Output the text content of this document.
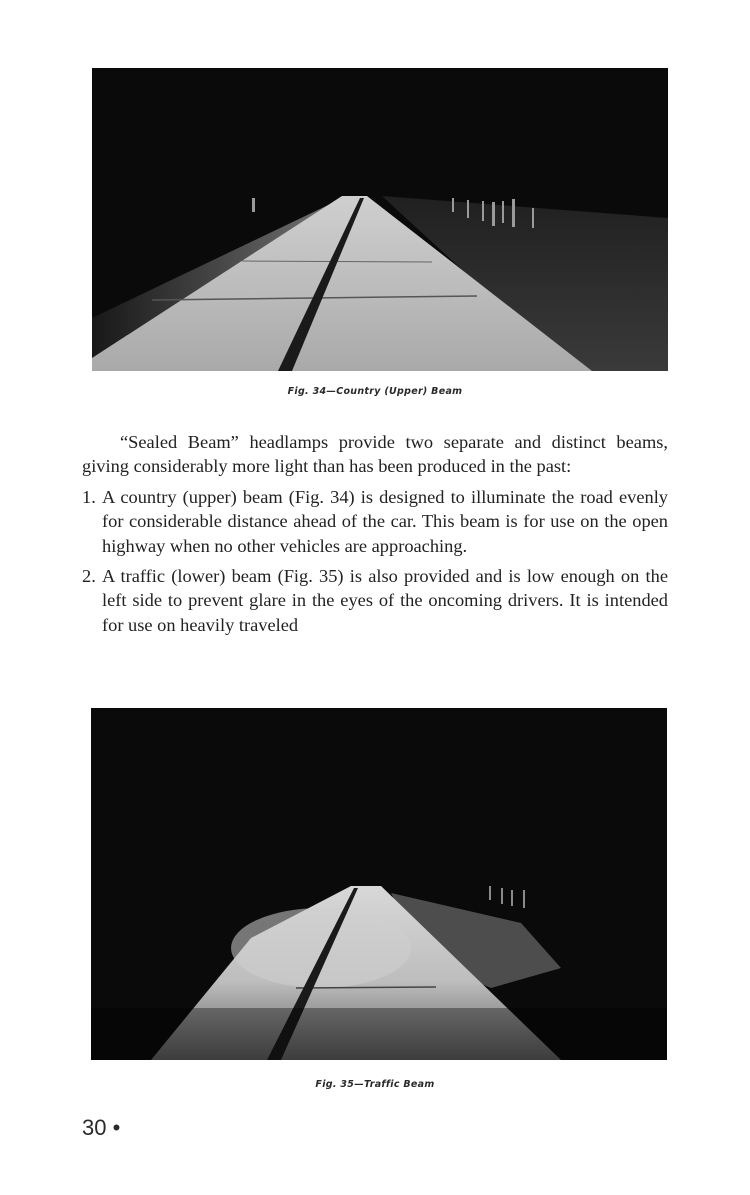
Fig. 34—Country (Upper) Beam

“Sealed Beam” headlamps provide two separate and distinct beams, giving considerably more light than has been produced in the past:

1. A country (upper) beam (Fig. 34) is designed to illuminate the road evenly for considerable distance ahead of the car. This beam is for use on the open highway when no other vehicles are approaching.
2. A traffic (lower) beam (Fig. 35) is also provided and is low enough on the left side to prevent glare in the eyes of the oncoming drivers. It is intended for use on heavily traveled
Fig. 35—Traffic Beam
30 •
